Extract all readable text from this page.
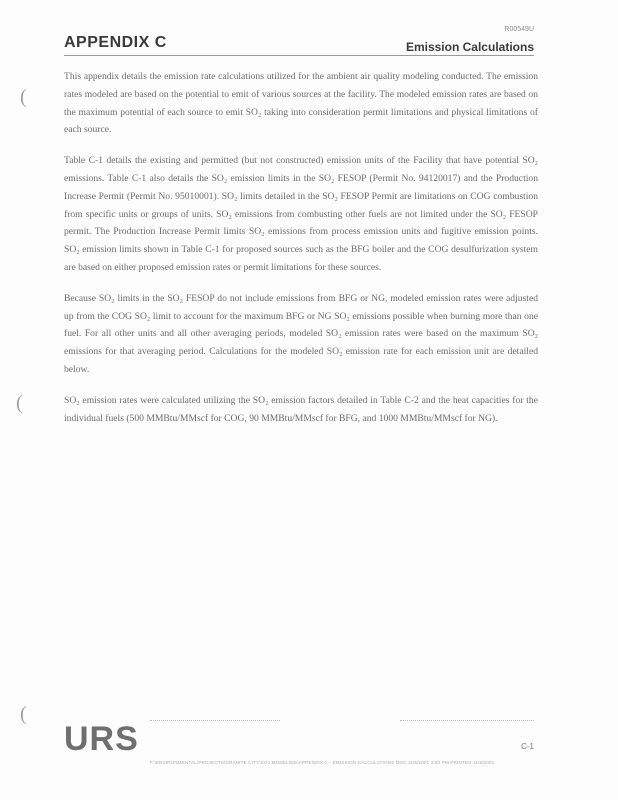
R00549U
APPENDIX C	Emission Calculations
(
(
(

This appendix details the emission rate calculations utilized for the ambient air quality modeling conducted. The emission rates modeled are based on the potential to emit of various sources at the facility. The modeled emission rates are based on the maximum potential of each source to emit SO₂ taking into consideration permit limitations and physical limitations of each source.

Table C-1 details the existing and permitted (but not constructed) emission units of the Facility that have potential SO₂ emissions. Table C-1 also details the SO₂ emission limits in the SO₂ FESOP (Permit No. 94120017) and the Production Increase Permit (Permit No. 95010001). SO₂ limits detailed in the SO₂ FESOP Permit are limitations on COG combustion from specific units or groups of units. SO₂ emissions from combusting other fuels are not limited under the SO₂ FESOP permit. The Production Increase Permit limits SO₂ emissions from process emission units and fugitive emission points. SO₂ emission limits shown in Table C-1 for proposed sources such as the BFG boiler and the COG desulfurization system are based on either proposed emission rates or permit limitations for these sources.

Because SO₂ limits in the SO₂ FESOP do not include emissions from BFG or NG, modeled emission rates were adjusted up from the COG SO₂ limit to account for the maximum BFG or NG SO₂ emissions possible when burning more than one fuel. For all other units and all other averaging periods, modeled SO₂ emission rates were based on the maximum SO₂ emissions for that averaging period. Calculations for the modeled SO₂ emission rate for each emission unit are detailed below.

SO₂ emission rates were calculated utilizing the SO₂ emission factors detailed in Table C-2 and the heat capacities for the individual fuels (500 MMBtu/MMscf for COG, 90 MMBtu/MMscf for BFG, and 1000 MMBtu/MMscf for NG).

URS	C-1
F:\ENVIRONMENTAL\PROJECTS\GRANITE CITY\SO2 MODELING\APPENDIX C - EMISSION CALCULATIONS.DOC 11/5/2001 3:52 PM PRINTED 11/5/2001
